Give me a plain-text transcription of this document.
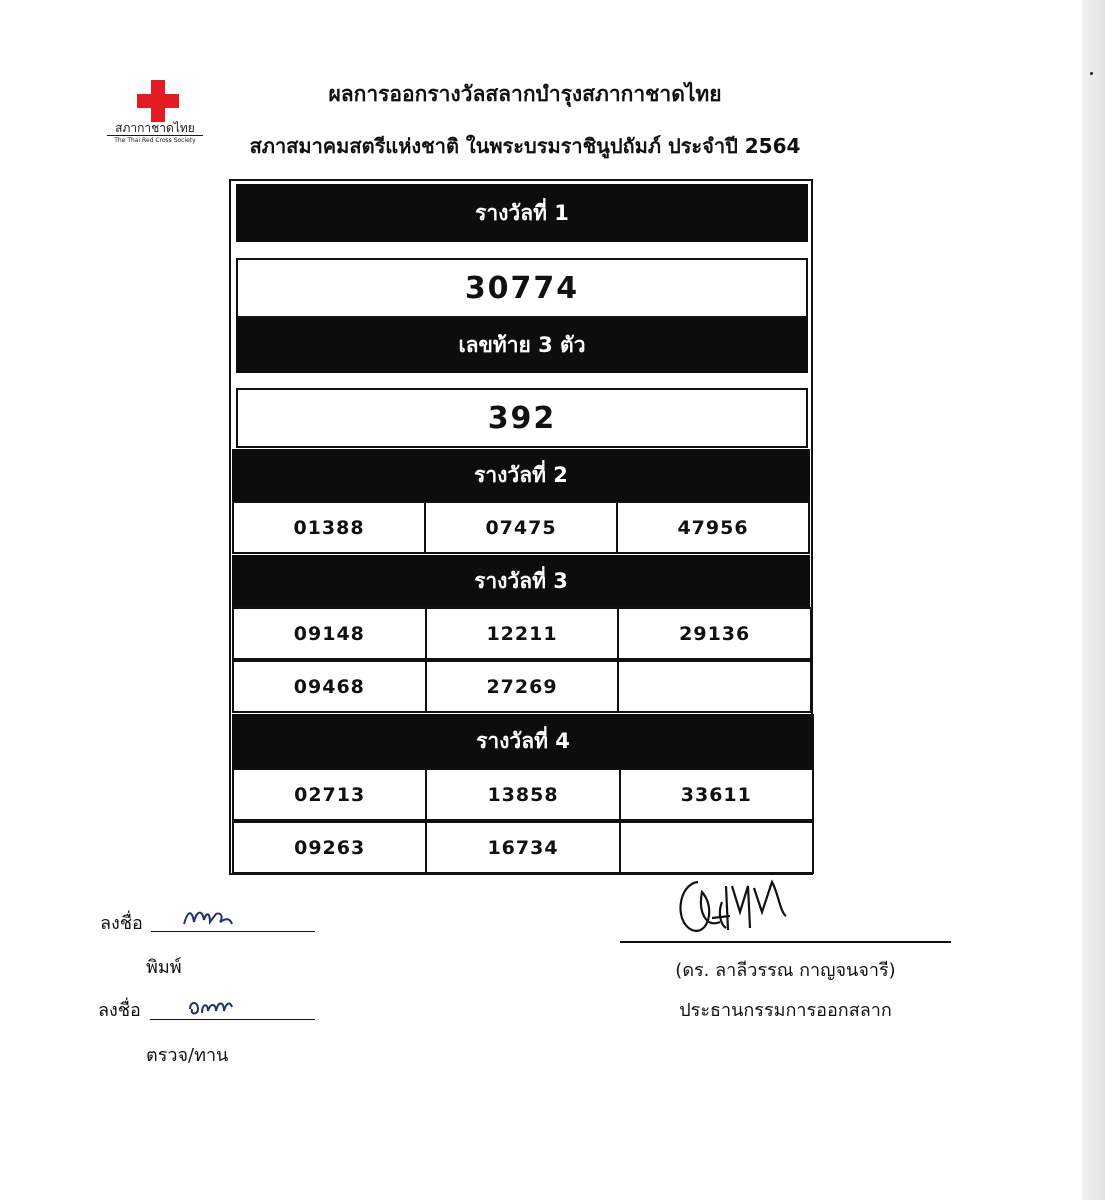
สภากาชาดไทย
The Thai Red Cross Society
ผลการออกรางวัลสลากบำรุงสภากาชาดไทย
สภาสมาคมสตรีแห่งชาติ ในพระบรมราชินูปถัมภ์ ประจำปี 2564
รางวัลที่ 1
30774
เลขท้าย 3 ตัว
392
รางวัลที่ 2
01388	07475	47956
รางวัลที่ 3
09148	12211	29136
09468	27269
รางวัลที่ 4
02713	13858	33611
09263	16734
ลงชื่อ
พิมพ์
ลงชื่อ
ตรวจ/ทาน
(ดร. ลาลีวรรณ กาญจนจารี)
ประธานกรรมการออกสลาก
